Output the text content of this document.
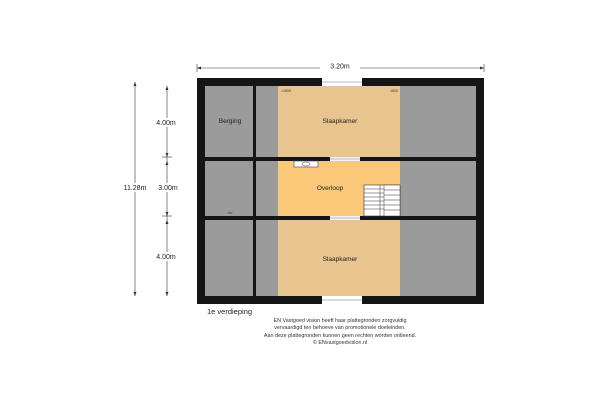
3.20m
4.00m
3.00m
4.00m
11.28m
Berging	Slaapkamer
Overloop
Slaapkamer
≈1500	1500
mv
1e verdieping
EN Vastgoed vision heeft haar plattegronden zorgvuldig
vervaardigd ten behoeve van promotionele doeleinden.
Aan deze plattegronden kunnen geen rechten worden ontleend.
© ENvastgoedvision.nl
